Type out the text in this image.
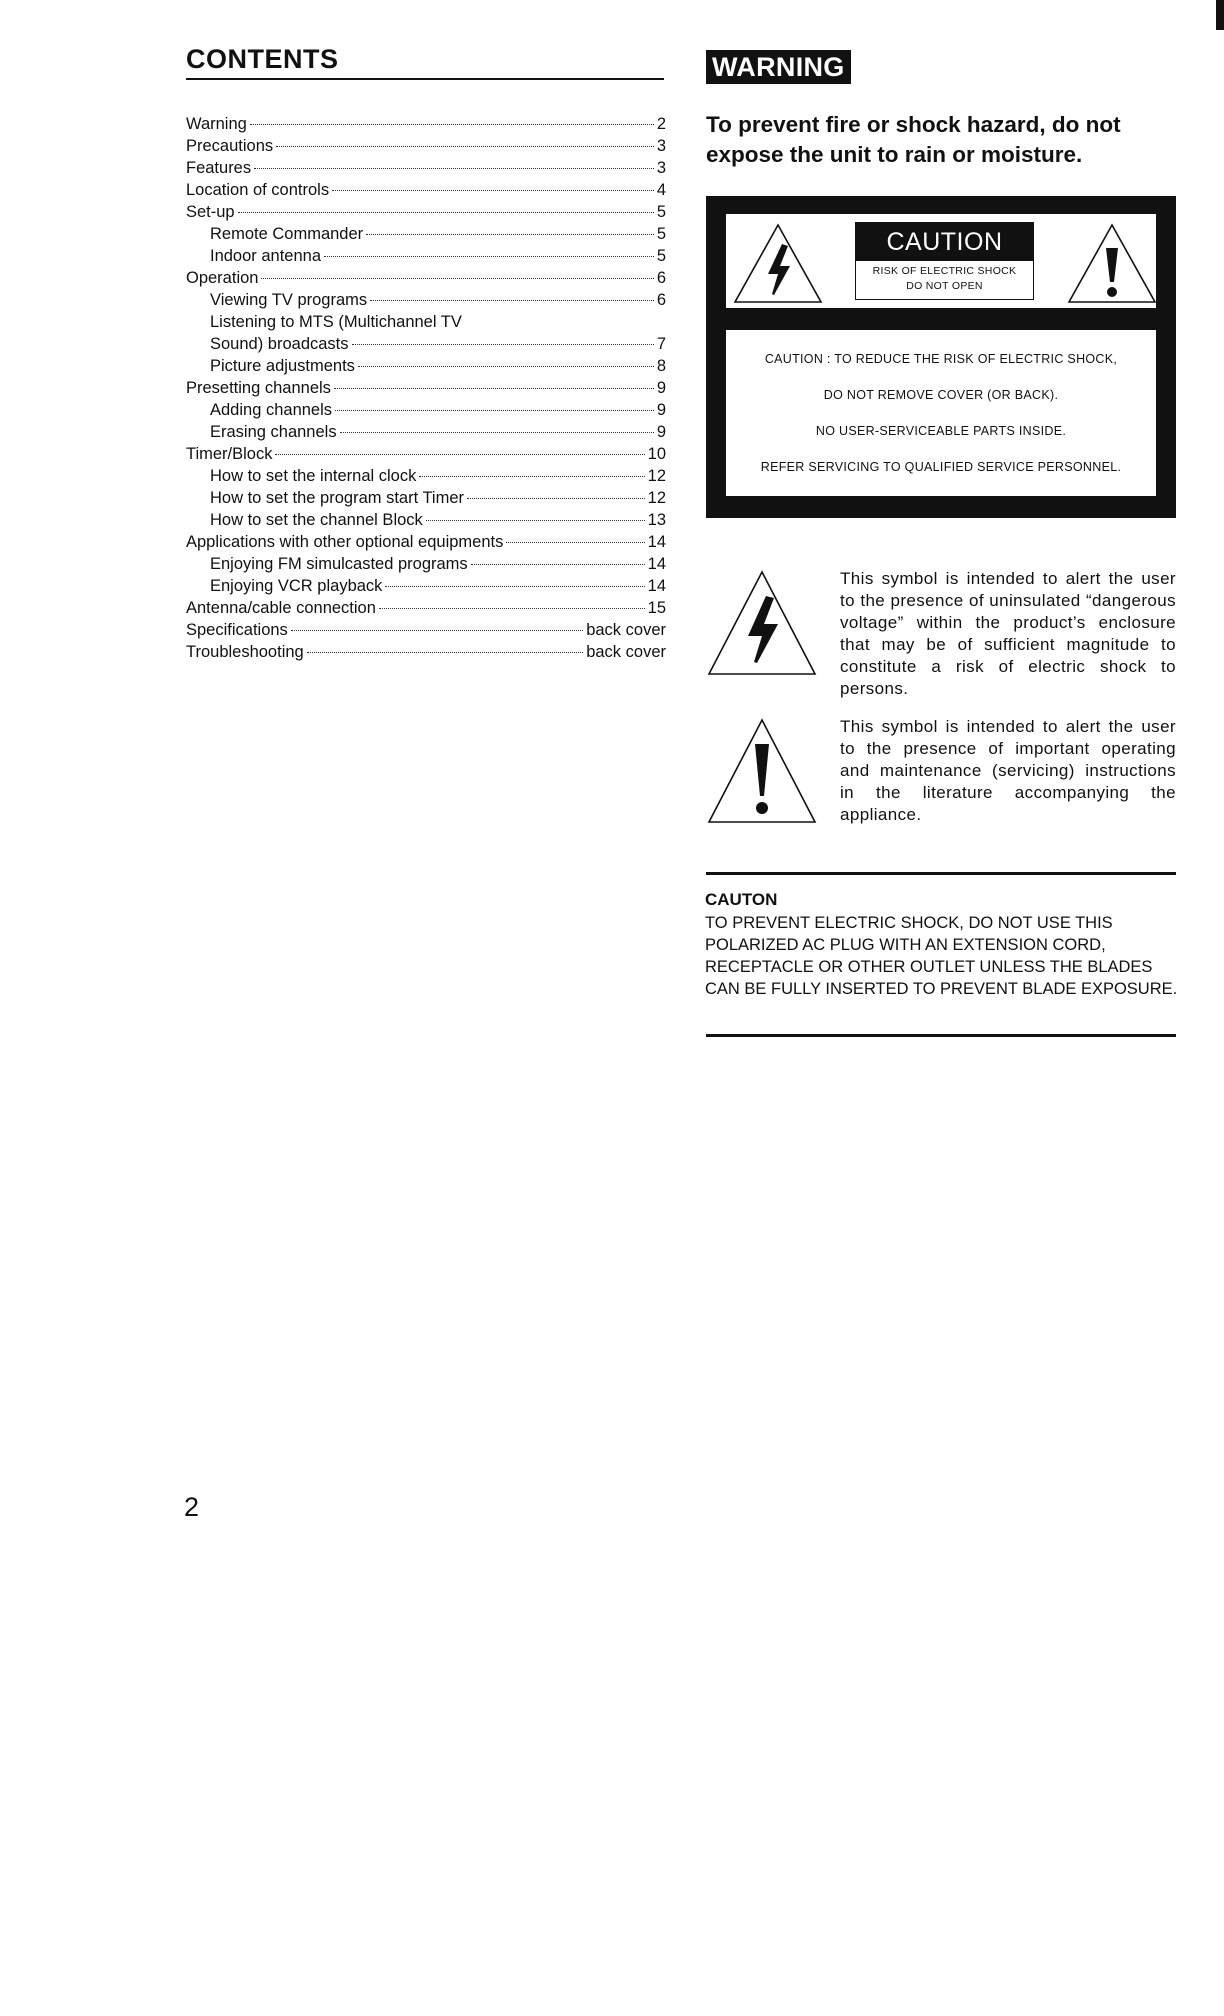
CONTENTS
Warning	2
Precautions	3
Features	3
Location of controls	4
Set-up	5
Remote Commander	5
Indoor antenna	5
Operation	6
Viewing TV programs	6
Listening to MTS (Multichannel TV
Sound) broadcasts	7
Picture adjustments	8
Presetting channels	9
Adding channels	9
Erasing channels	9
Timer/Block	10
How to set the internal clock	12
How to set the program start Timer	12
How to set the channel Block	13
Applications with other optional equipments	14
Enjoying FM simulcasted programs	14
Enjoying VCR playback	14
Antenna/cable connection	15
Specifications	back cover
Troubleshooting	back cover
2
WARNING
To prevent fire or shock hazard, do not expose the unit to rain or moisture.
CAUTION
RISK OF ELECTRIC SHOCK
DO NOT OPEN
CAUTION : TO REDUCE THE RISK OF ELECTRIC SHOCK,
DO NOT REMOVE COVER (OR BACK).
NO USER-SERVICEABLE PARTS INSIDE.
REFER SERVICING TO QUALIFIED SERVICE PERSONNEL.
This symbol is intended to alert the user to the presence of uninsulated “dangerous voltage” within the product’s enclosure that may be of sufficient magnitude to constitute a risk of electric shock to persons.
This symbol is intended to alert the user to the presence of important operating and maintenance (servicing) instructions in the literature accompanying the appliance.
CAUTON
TO PREVENT ELECTRIC SHOCK, DO NOT USE THIS POLARIZED AC PLUG WITH AN EXTENSION CORD, RECEPTACLE OR OTHER OUTLET UNLESS THE BLADES CAN BE FULLY INSERTED TO PREVENT BLADE EXPOSURE.
